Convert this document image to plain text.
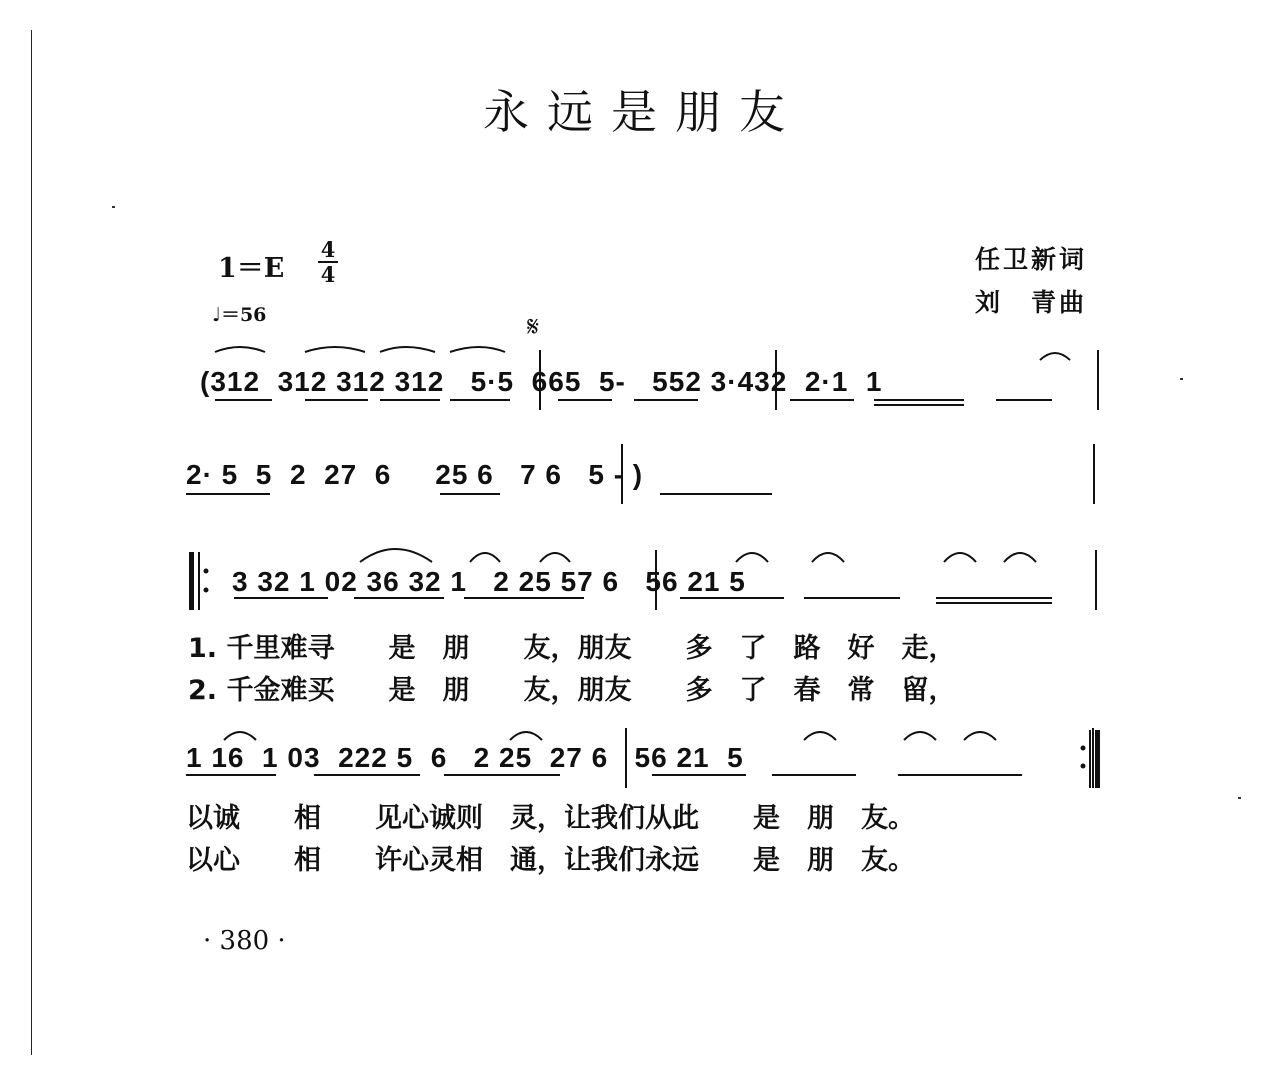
永远是朋友
1＝E
4
4
♩＝56
任卫新词
刘　青曲
𝄋
(312  312 312 312   5·5  665  5-   552 3·432  2·1  1
2· 5  5  2  27  6     25 6   7 6   5 - )
3 32 1 02 36 32 1   2 25 57 6   56 21 5
1 16  1 03  222 5  6   2 25  27 6   56 21  5
1. 千里难寻　　是　朋　　友，朋友　　多　了　路　好　走，
2. 千金难买　　是　朋　　友，朋友　　多　了　春　常　留，
以诚　　相　　见心诚则　灵，让我们从此　　是　朋　友。
以心　　相　　许心灵相　通，让我们永远　　是　朋　友。
· 380 ·
